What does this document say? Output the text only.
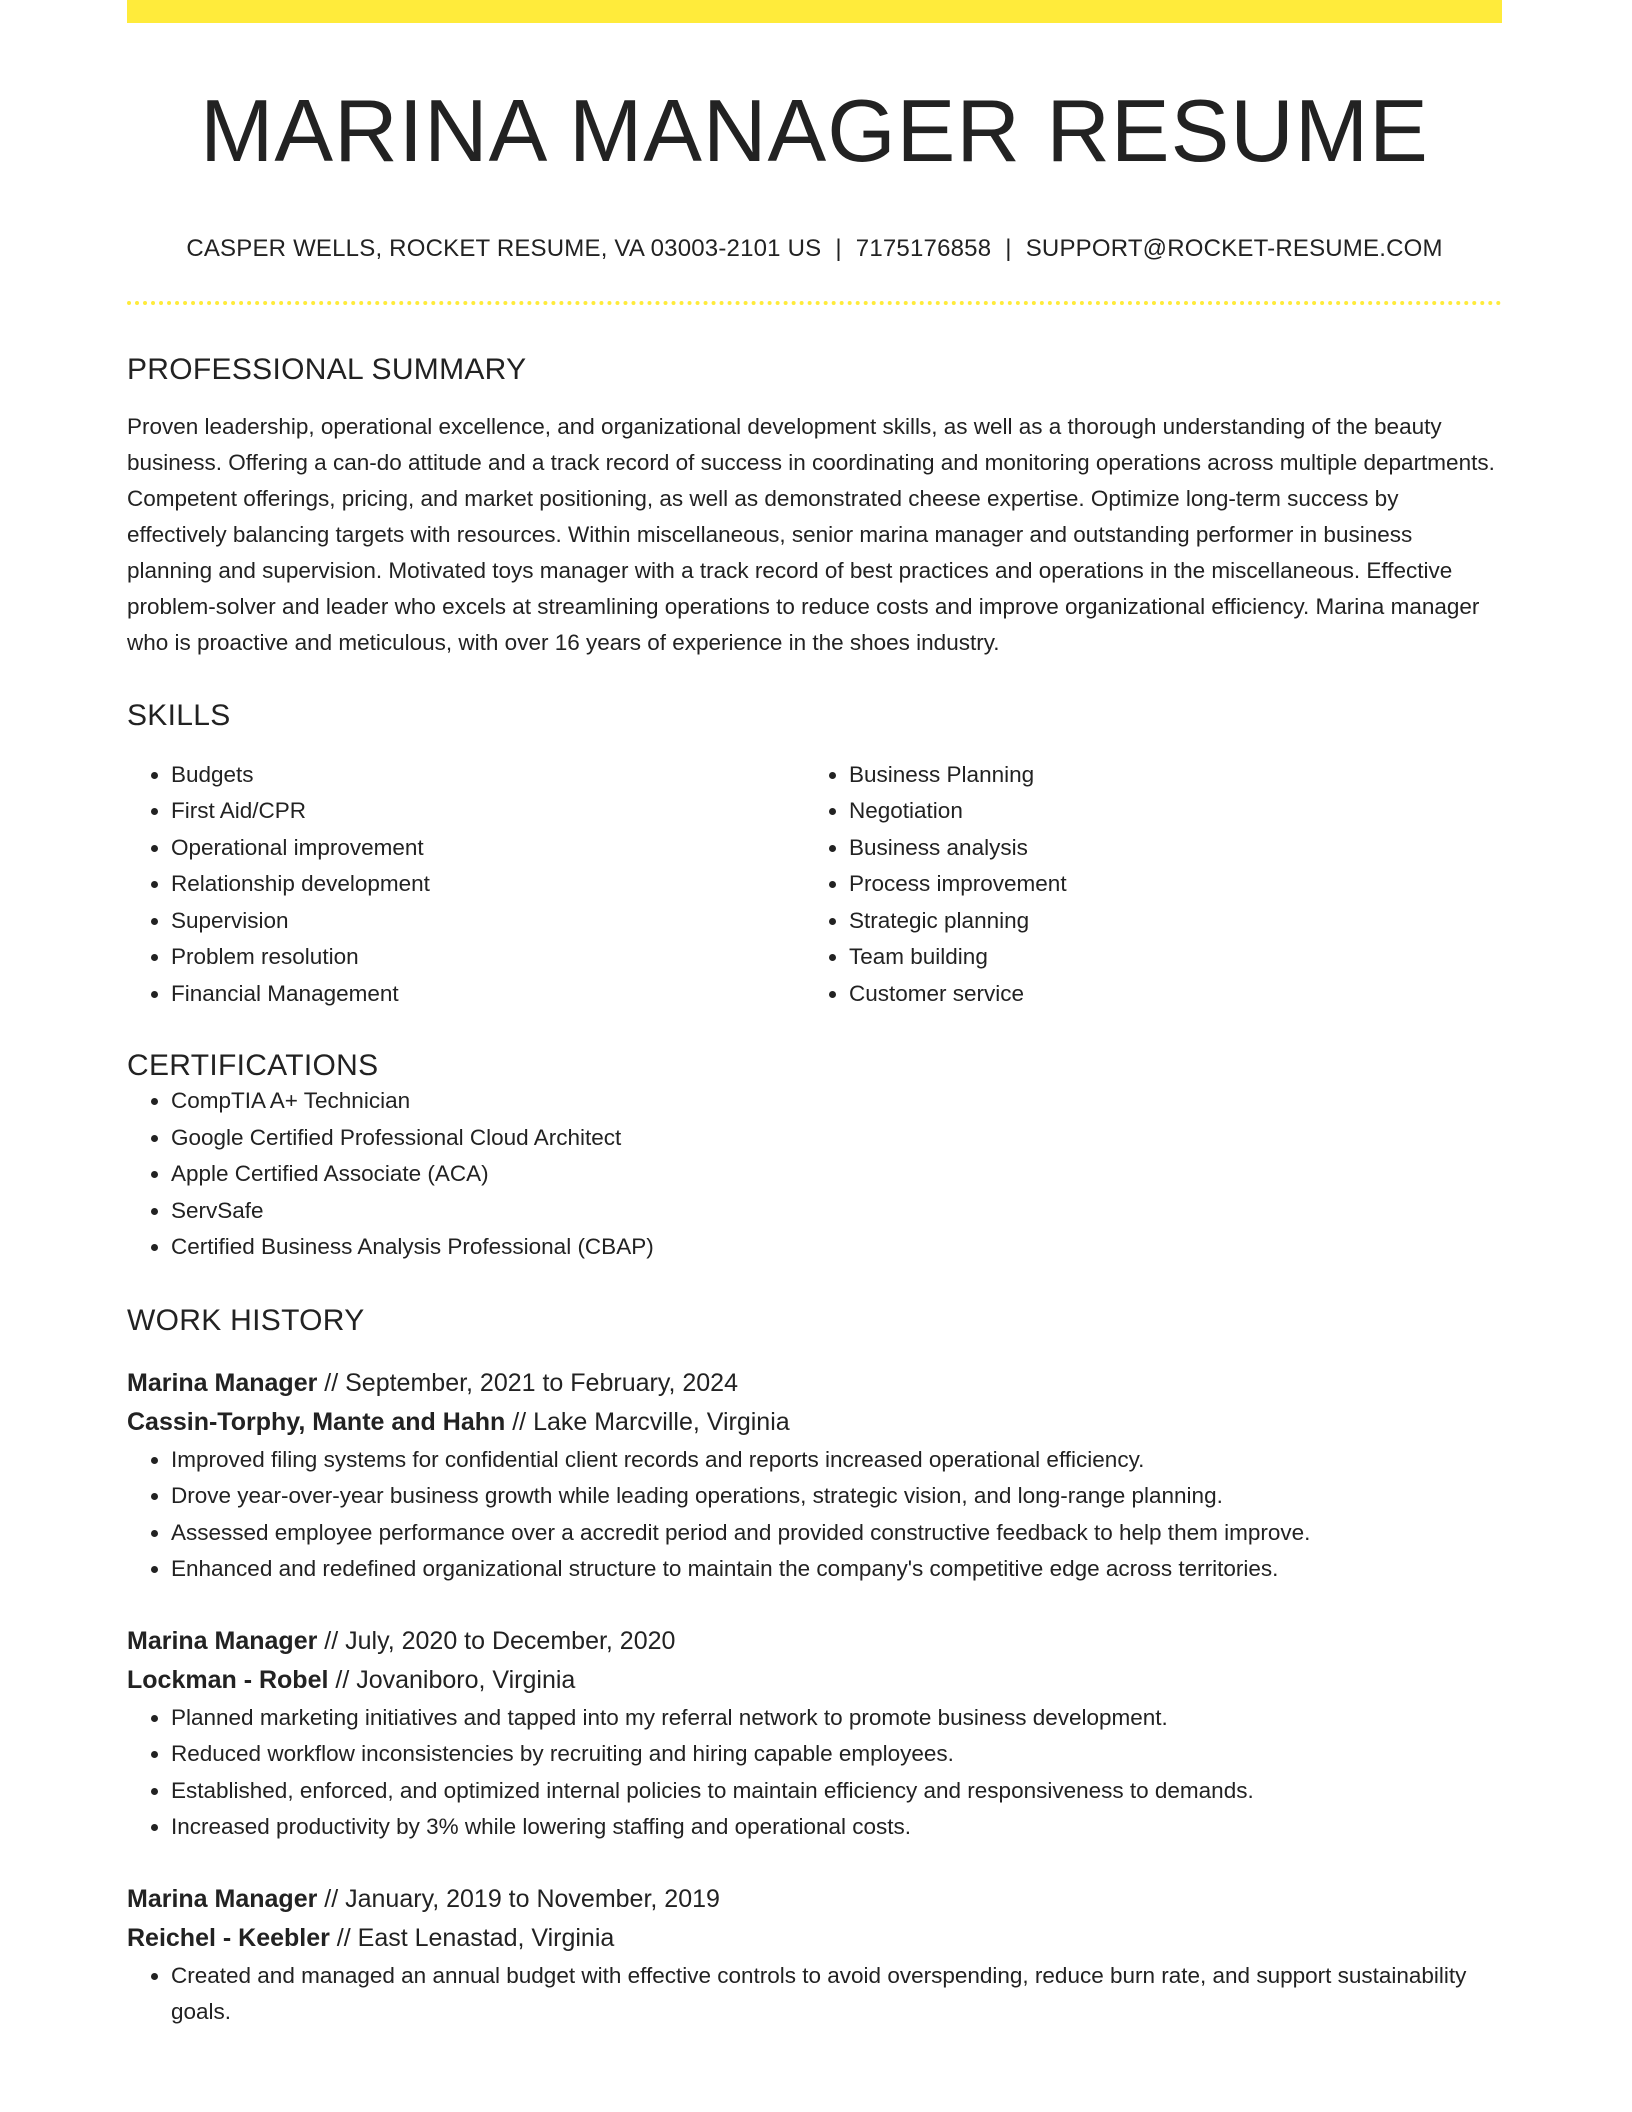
MARINA MANAGER RESUME
CASPER WELLS, ROCKET RESUME, VA 03003-2101 US | 7175176858 | SUPPORT@ROCKET-RESUME.COM
PROFESSIONAL SUMMARY

Proven leadership, operational excellence, and organizational development skills, as well as a thorough understanding of the beauty business. Offering a can-do attitude and a track record of success in coordinating and monitoring operations across multiple departments. Competent offerings, pricing, and market positioning, as well as demonstrated cheese expertise. Optimize long-term success by effectively balancing targets with resources. Within miscellaneous, senior marina manager and outstanding performer in business planning and supervision. Motivated toys manager with a track record of best practices and operations in the miscellaneous. Effective problem-solver and leader who excels at streamlining operations to reduce costs and improve organizational efficiency. Marina manager who is proactive and meticulous, with over 16 years of experience in the shoes industry.

SKILLS
• Budgets
• First Aid/CPR
• Operational improvement
• Relationship development
• Supervision
• Problem resolution
• Financial Management
• Business Planning
• Negotiation
• Business analysis
• Process improvement
• Strategic planning
• Team building
• Customer service
CERTIFICATIONS
• CompTIA A+ Technician
• Google Certified Professional Cloud Architect
• Apple Certified Associate (ACA)
• ServSafe
• Certified Business Analysis Professional (CBAP)
WORK HISTORY
Marina Manager // September, 2021 to February, 2024
Cassin-Torphy, Mante and Hahn // Lake Marcville, Virginia
• Improved filing systems for confidential client records and reports increased operational efficiency.
• Drove year-over-year business growth while leading operations, strategic vision, and long-range planning.
• Assessed employee performance over a accredit period and provided constructive feedback to help them improve.
• Enhanced and redefined organizational structure to maintain the company's competitive edge across territories.
Marina Manager // July, 2020 to December, 2020
Lockman - Robel // Jovaniboro, Virginia
• Planned marketing initiatives and tapped into my referral network to promote business development.
• Reduced workflow inconsistencies by recruiting and hiring capable employees.
• Established, enforced, and optimized internal policies to maintain efficiency and responsiveness to demands.
• Increased productivity by 3% while lowering staffing and operational costs.
Marina Manager // January, 2019 to November, 2019
Reichel - Keebler // East Lenastad, Virginia
• Created and managed an annual budget with effective controls to avoid overspending, reduce burn rate, and support sustainability goals.
